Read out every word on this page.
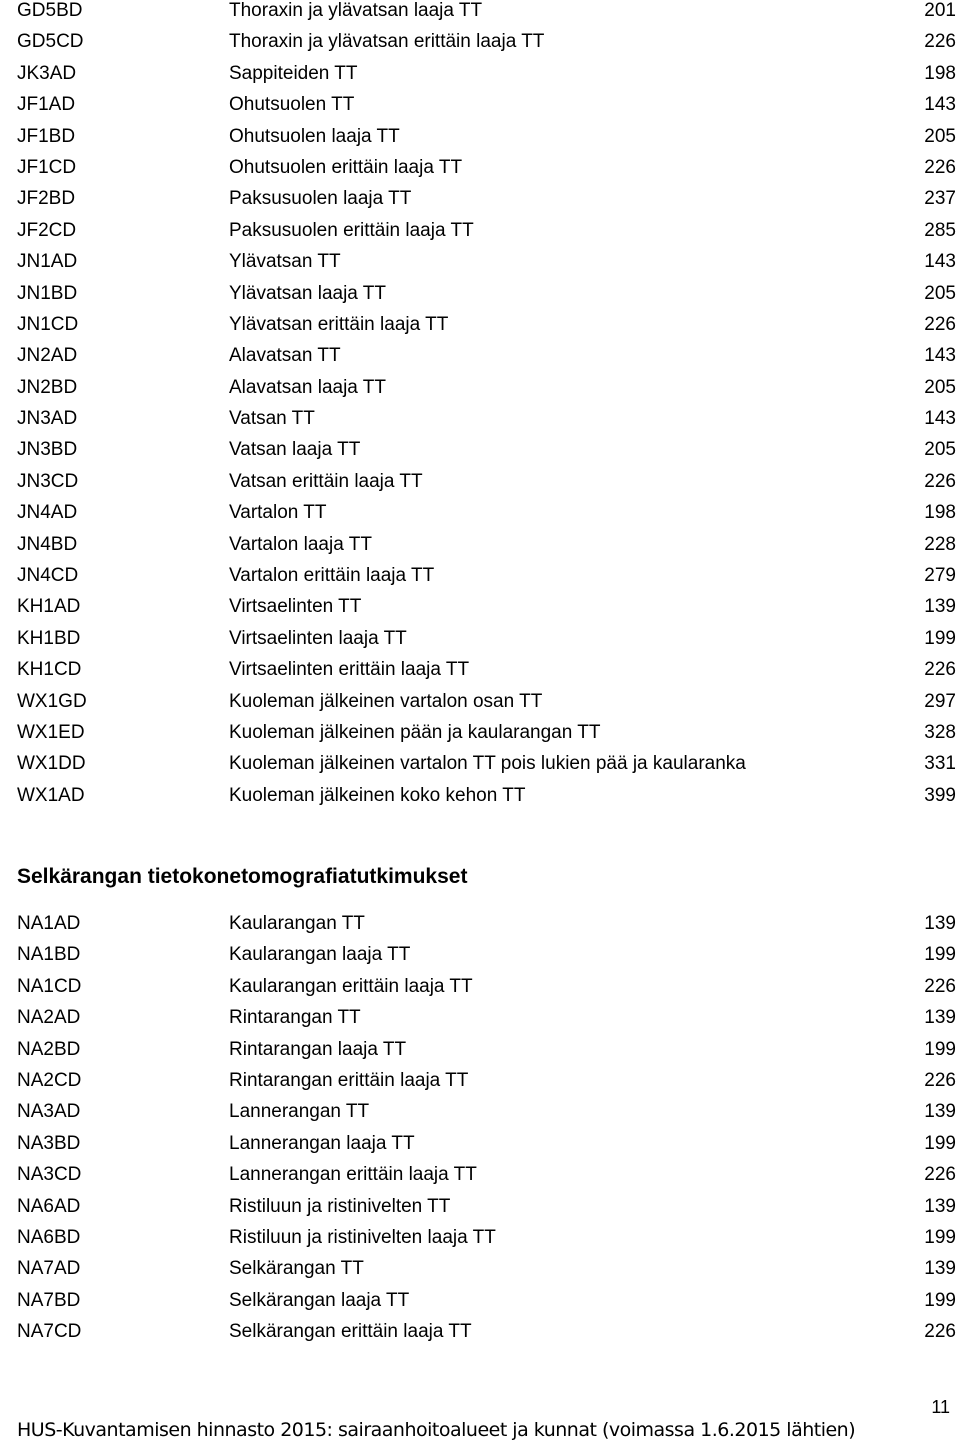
GD5BD	Thoraxin ja ylävatsan laaja TT	201
GD5CD	Thoraxin ja ylävatsan erittäin laaja TT	226
JK3AD	Sappiteiden TT	198
JF1AD	Ohutsuolen TT	143
JF1BD	Ohutsuolen laaja TT	205
JF1CD	Ohutsuolen erittäin laaja TT	226
JF2BD	Paksusuolen laaja TT	237
JF2CD	Paksusuolen erittäin laaja TT	285
JN1AD	Ylävatsan TT	143
JN1BD	Ylävatsan laaja TT	205
JN1CD	Ylävatsan erittäin laaja TT	226
JN2AD	Alavatsan TT	143
JN2BD	Alavatsan laaja TT	205
JN3AD	Vatsan TT	143
JN3BD	Vatsan laaja TT	205
JN3CD	Vatsan erittäin laaja TT	226
JN4AD	Vartalon TT	198
JN4BD	Vartalon laaja TT	228
JN4CD	Vartalon erittäin laaja TT	279
KH1AD	Virtsaelinten TT	139
KH1BD	Virtsaelinten laaja TT	199
KH1CD	Virtsaelinten erittäin laaja TT	226
WX1GD	Kuoleman jälkeinen vartalon osan TT	297
WX1ED	Kuoleman jälkeinen pään ja kaularangan TT	328
WX1DD	Kuoleman jälkeinen vartalon TT pois lukien pää ja kaularanka	331
WX1AD	Kuoleman jälkeinen koko kehon TT	399
Selkärangan tietokonetomografiatutkimukset
NA1AD	Kaularangan TT	139
NA1BD	Kaularangan laaja TT	199
NA1CD	Kaularangan erittäin laaja TT	226
NA2AD	Rintarangan TT	139
NA2BD	Rintarangan laaja TT	199
NA2CD	Rintarangan erittäin laaja TT	226
NA3AD	Lannerangan TT	139
NA3BD	Lannerangan laaja TT	199
NA3CD	Lannerangan erittäin laaja TT	226
NA6AD	Ristiluun ja ristinivelten TT	139
NA6BD	Ristiluun ja ristinivelten laaja TT	199
NA7AD	Selkärangan TT	139
NA7BD	Selkärangan laaja TT	199
NA7CD	Selkärangan erittäin laaja TT	226
11
HUS-Kuvantamisen hinnasto 2015: sairaanhoitoalueet ja kunnat (voimassa 1.6.2015 lähtien)
